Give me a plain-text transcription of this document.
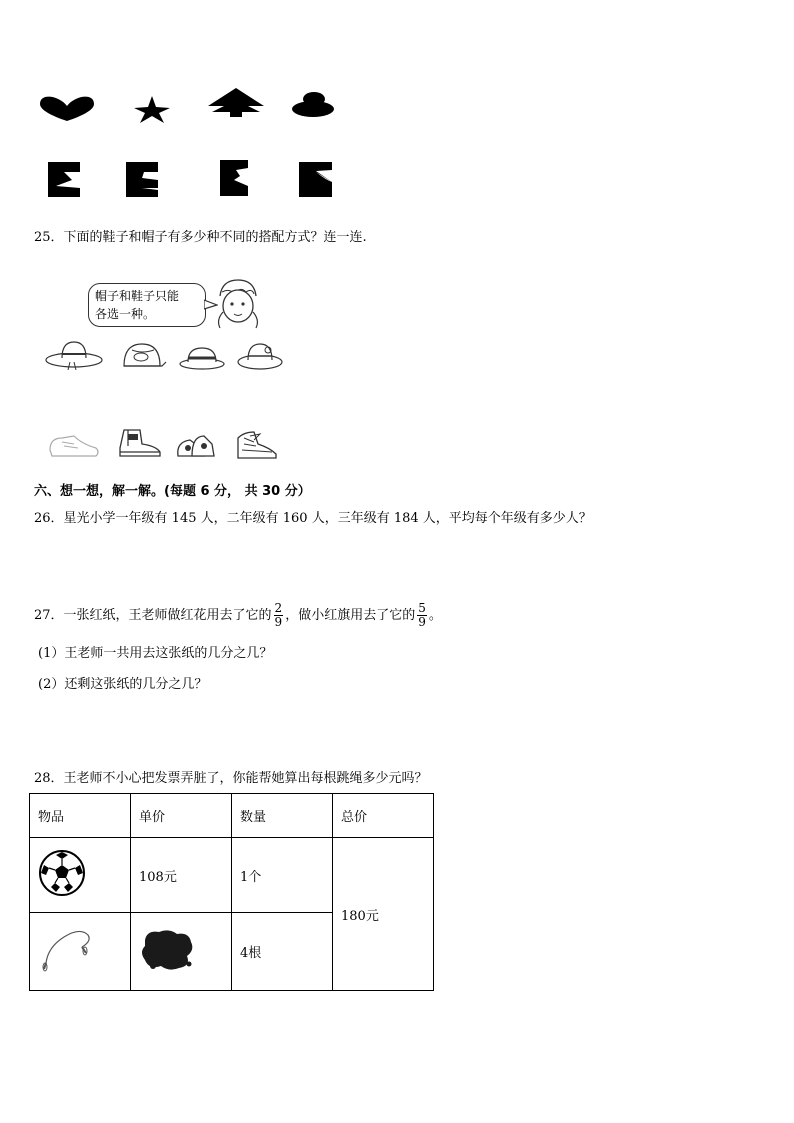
25．下面的鞋子和帽子有多少种不同的搭配方式？连一连.
帽子和鞋子只能
各选一种。
六、想一想，解一解。(每题 6 分， 共 30 分）
26．星光小学一年级有 145 人，二年级有 160 人，三年级有 184 人，平均每个年级有多少人？
27．一张红纸，王老师做红花用去了它的 $\frac{2}{9}$ ，做小红旗用去了它的 $\frac{5}{9}$ 。
(1）王老师一共用去这张纸的几分之几？
(2）还剩这张纸的几分之几？
28．王老师不小心把发票弄脏了，你能帮她算出每根跳绳多少元吗？
物品	单价	数量	总价
	108元	1个	180元
		4根	
